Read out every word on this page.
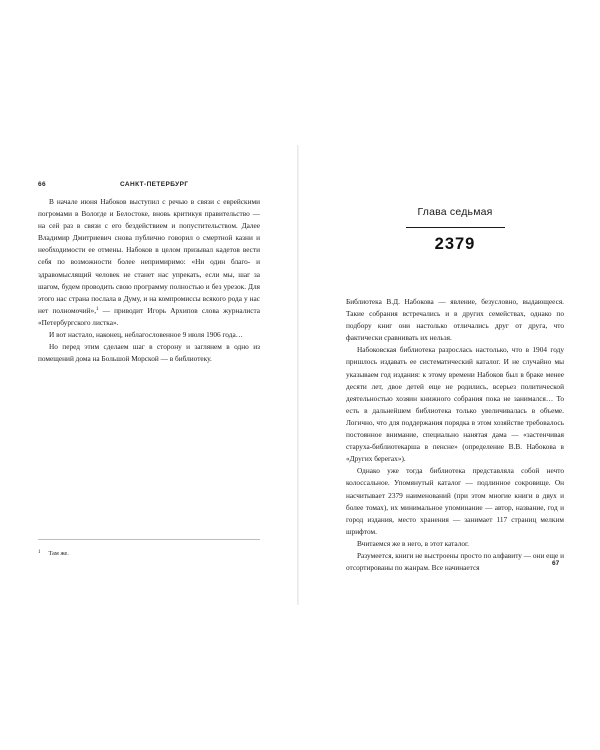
66	САНКТ-ПЕТЕРБУРГ

В начале июня Набоков выступил с речью в связи с еврейскими погромами в Вологде и Белостоке, вновь критикуя правительство — на сей раз в связи с его бездействием и попустительством. Далее Владимир Дмитриевич снова публично говорил о смертной казни и необходимости ее отмены. Набоков в целом призывал кадетов вести себя по возможности более непримиримо: «Ни один благо- и здравомыслящий человек не станет нас упрекать, если мы, шаг за шагом, будем проводить свою программу полностью и без урезок. Для этого нас страна послала в Думу, и на компромиссы всякого рода у нас нет полномочий»,$^1$ — приводит Игорь Архипов слова журналиста «Петербургского листка».

И вот настало, наконец, неблагословенное 9 июля 1906 года…

Но перед этим сделаем шаг в сторону и заглянем в одно из помещений дома на Большой Морской — в библиотеку.

$^1$ Там же.
Глава седьмая
2379

Библиотека В.Д. Набокова — явление, безусловно, выдающееся. Такие собрания встречались и в других семействах, однако по подбору книг они настолько отличались друг от друга, что фактически сравнивать их нельзя.

Набоковская библиотека разрослась настолько, что в 1904 году пришлось издавать ее систематический каталог. И не случайно мы указываем год издания: к этому времени Набоков был в браке менее десяти лет, двое детей еще не родились, всерьез политической деятельностью хозяин книжного собрания пока не занимался… То есть в дальнейшем библиотека только увеличивалась в объеме. Логично, что для поддержания порядка в этом хозяйстве требовалось постоянное внимание, специально нанятая дама — «застенчивая старуха-библиотекарша в пенсне» (определение В.В. Набокова в «Других берегах»).

Однако уже тогда библиотека представляла собой нечто колоссальное. Упомянутый каталог — подлинное сокровище. Он насчитывает 2379 наименований (при этом многие книги в двух и более томах), их минимальное упоминание — автор, название, год и город издания, место хранения — занимает 117 страниц мелким шрифтом.

Вчитаемся же в него, в этот каталог.

Разумеется, книги не выстроены просто по алфавиту — они еще и отсортированы по жанрам. Все начинается	67
